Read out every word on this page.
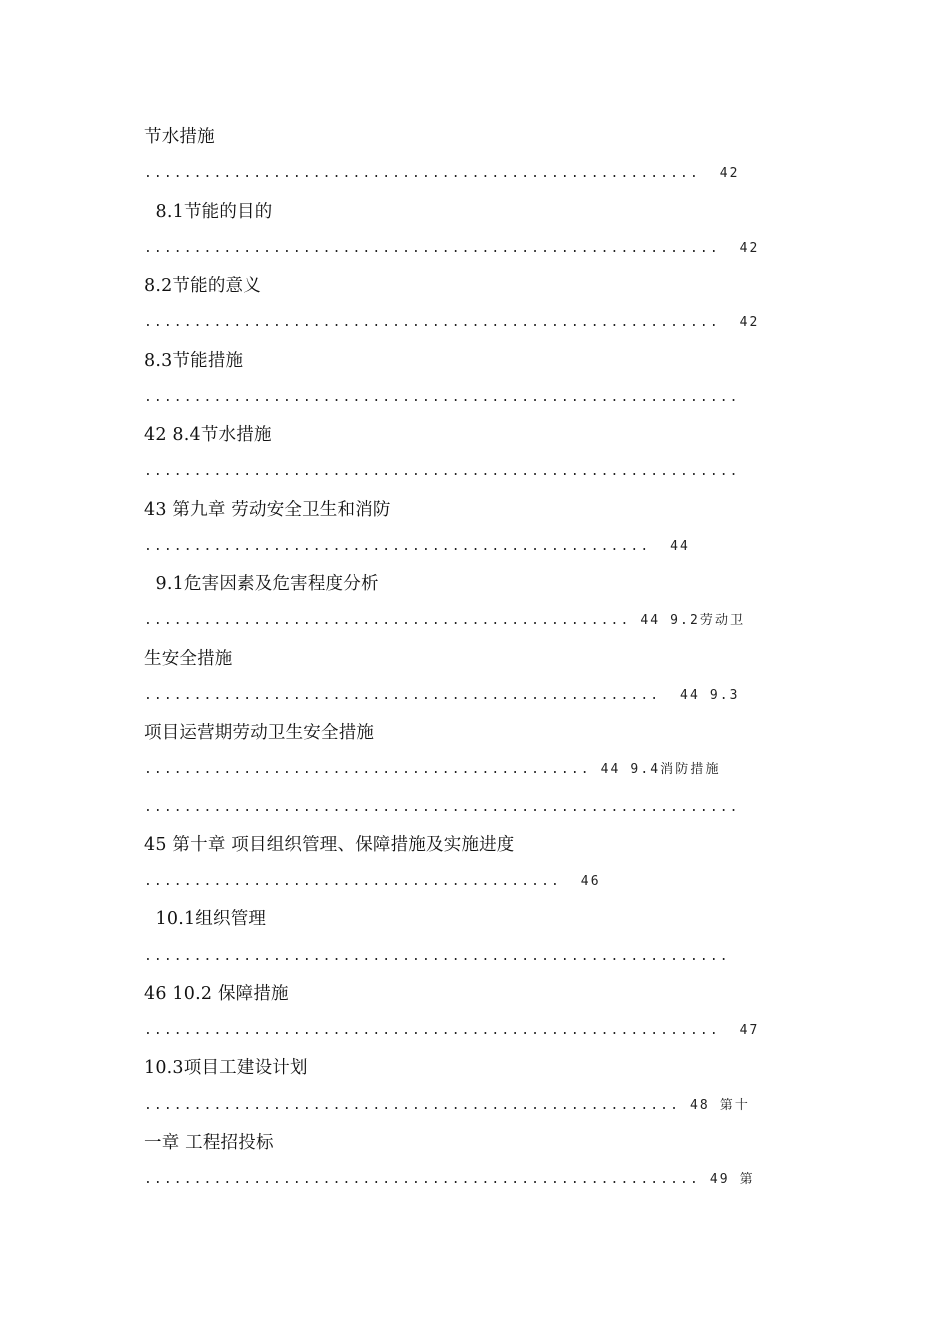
节水措施
........................................................  42
8.1节能的目的
..........................................................  42
8.2节能的意义
..........................................................  42
8.3节能措施
............................................................
42 8.4节水措施
............................................................
43 第九章 劳动安全卫生和消防
...................................................  44
9.1危害因素及危害程度分析
................................................. 44 9.2劳动卫
生安全措施
....................................................  44 9.3
项目运营期劳动卫生安全措施
............................................. 44 9.4消防措施
............................................................
45 第十章 项目组织管理、保障措施及实施进度
..........................................  46
10.1组织管理
...........................................................
46 10.2 保障措施
..........................................................  47
10.3项目工建设计划
...................................................... 48 第十
一章 工程招投标
........................................................ 49 第
